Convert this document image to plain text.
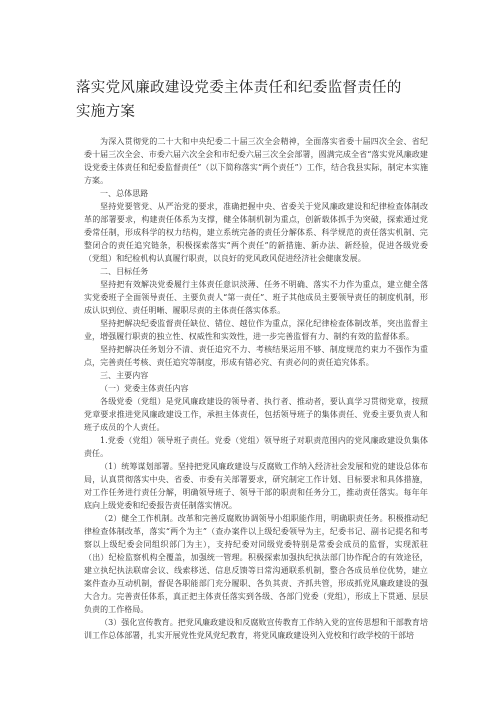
落实党风廉政建设党委主体责任和纪委监督责任的
实施方案

为深入贯彻党的二十大和中央纪委二十届三次全会精神，全面落实省委十届四次全会、省纪委十届三次全会、市委六届六次全会和市纪委六届三次全会部署，圆满完成全省“落实党风廉政建设党委主体责任和纪委监督责任”（以下简称落实“两个责任”）工作，结合我县实际，制定本实施方案。

一、总体思路

坚持党要管党、从严治党的要求，准确把握中央、省委关于党风廉政建设和纪律检查体制改革的部署要求，构建责任体系为支撑，健全体制机制为重点，创新载体抓手为突破，探索通过党委常任制，形成科学的权力结构，建立系统完备的责任分解体系、科学规范的责任落实机制、完整闭合的责任追究链条，积极探索落实“两个责任”的新措施、新办法、新经验，促进各级党委（党组）和纪检机构认真履行职责，以良好的党风政风促进经济社会健康发展。

二、目标任务

坚持把有效解决党委履行主体责任意识淡薄、任务不明确、落实不力作为重点，建立健全落实党委班子全面领导责任、主要负责人“第一责任”、班子其他成员主要领导责任的制度机制，形成认识到位、责任明晰、履职尽责的主体责任落实体系。

坚持把解决纪委监督责任缺位、错位、越位作为重点，深化纪律检查体制改革，突出监督主业，增强履行职责的独立性、权威性和实效性，进一步完善监督有力、制约有效的监督体系。

坚持把解决任务划分不清、责任追究不力、考核结果运用不够、制度规范约束力不强作为重点，完善责任考核、责任追究等制度，形成有错必究、有责必问的责任追究体系。

三、主要内容

（一）党委主体责任内容

各级党委（党组）是党风廉政建设的领导者、执行者、推动者，要认真学习贯彻党章，按照党章要求推进党风廉政建设工作，承担主体责任，包括领导班子的集体责任、党委主要负责人和班子成员的个人责任。

1.党委（党组）领导班子责任。党委（党组）领导班子对职责范围内的党风廉政建设负集体责任。

（1）统筹谋划部署。坚持把党风廉政建设与反腐败工作纳入经济社会发展和党的建设总体布局，认真贯彻落实中央、省委、市委有关部署要求，研究制定工作计划、目标要求和具体措施，对工作任务进行责任分解，明确领导班子、领导干部的职责和任务分工，推动责任落实。每年年底向上级党委和纪委报告责任制落实情况。

（2）健全工作机制。改革和完善反腐败协调领导小组职能作用，明确职责任务。积极推动纪律检查体制改革，落实“两个为主”（查办案件以上级纪委领导为主，纪委书记、副书记提名和考察以上级纪委会同组织部门为主），支持纪委对同级党委特别是常委会成员的监督，实现派驻（出）纪检监察机构全覆盖，加强统一管理。积极探索加强执纪执法部门协作配合的有效途径，建立执纪执法联席会议、线索移送、信息反馈等日常沟通联系机制，整合各成员单位优势，建立案件查办互动机制，督促各职能部门充分履职、各负其责、齐抓共管，形成抓党风廉政建设的强大合力。完善责任体系，真正把主体责任落实到各级、各部门党委（党组），形成上下贯通、层层负责的工作格局。

（3）强化宣传教育。把党风廉政建设和反腐败宣传教育工作纳入党的宣传思想和干部教育培训工作总体部署，扎实开展党性党风党纪教育，将党风廉政建设列入党校和行政学校的干部培
